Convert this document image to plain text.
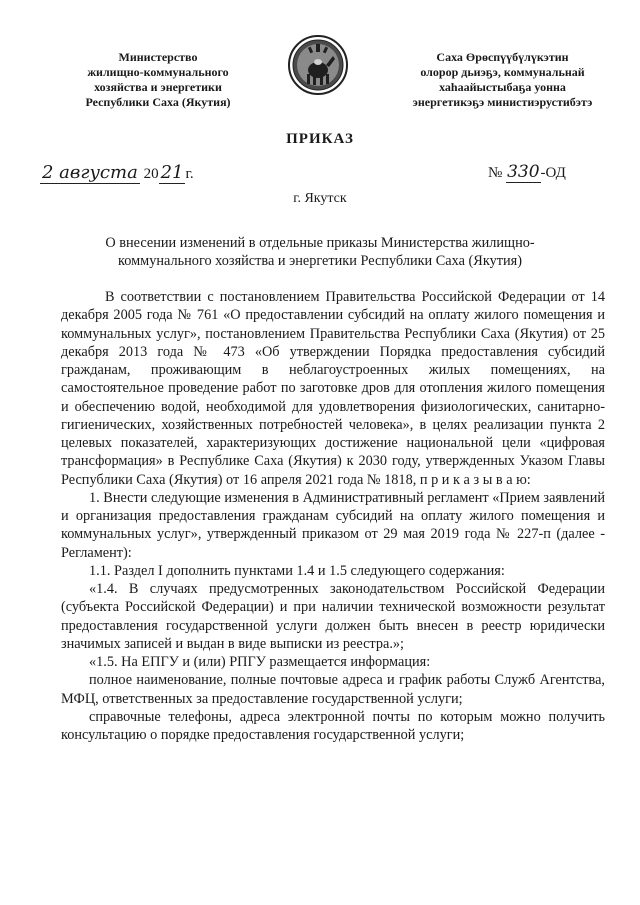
Министерство
жилищно-коммунального
хозяйства и энергетики
Республики Саха (Якутия)
Саха Өрөспүүбүлүкэтин
олорор дьиэҕэ, коммунальнай
хаһаайыстыбаҕа уонна
энергетикэҕэ министиэрустибэтэ
ПРИКАЗ
2 августа 20 21 г.	№ 330-ОД
г. Якутск
О внесении изменений в отдельные приказы Министерства жилищно-коммунального хозяйства и энергетики Республики Саха (Якутия)

В соответствии с постановлением Правительства Российской Федерации от 14 декабря 2005 года № 761 «О предоставлении субсидий на оплату жилого помещения и коммунальных услуг», постановлением Правительства Республики Саха (Якутия) от 25 декабря 2013 года № 473 «Об утверждении Порядка предоставления субсидий гражданам, проживающим в неблагоустроенных жилых помещениях, на самостоятельное проведение работ по заготовке дров для отопления жилого помещения и обеспечению водой, необходимой для удовлетворения физиологических, санитарно-гигиенических, хозяйственных потребностей человека», в целях реализации пункта 2 целевых показателей, характеризующих достижение национальной цели «цифровая трансформация» в Республике Саха (Якутия) к 2030 году, утвержденных Указом Главы Республики Саха (Якутия) от 16 апреля 2021 года № 1818, п р и к а з ы в а ю:

1. Внести следующие изменения в Административный регламент «Прием заявлений и организация предоставления гражданам субсидий на оплату жилого помещения и коммунальных услуг», утвержденный приказом от 29 мая 2019 года № 227-п (далее - Регламент):

1.1. Раздел I дополнить пунктами 1.4 и 1.5 следующего содержания:

«1.4. В случаях предусмотренных законодательством Российской Федерации (субъекта Российской Федерации) и при наличии технической возможности результат предоставления государственной услуги должен быть внесен в реестр юридически значимых записей и выдан в виде выписки из реестра.»;

«1.5. На ЕПГУ и (или) РПГУ размещается информация:

полное наименование, полные почтовые адреса и график работы Служб Агентства, МФЦ, ответственных за предоставление государственной услуги;

справочные телефоны, адреса электронной почты по которым можно получить консультацию о порядке предоставления государственной услуги;
